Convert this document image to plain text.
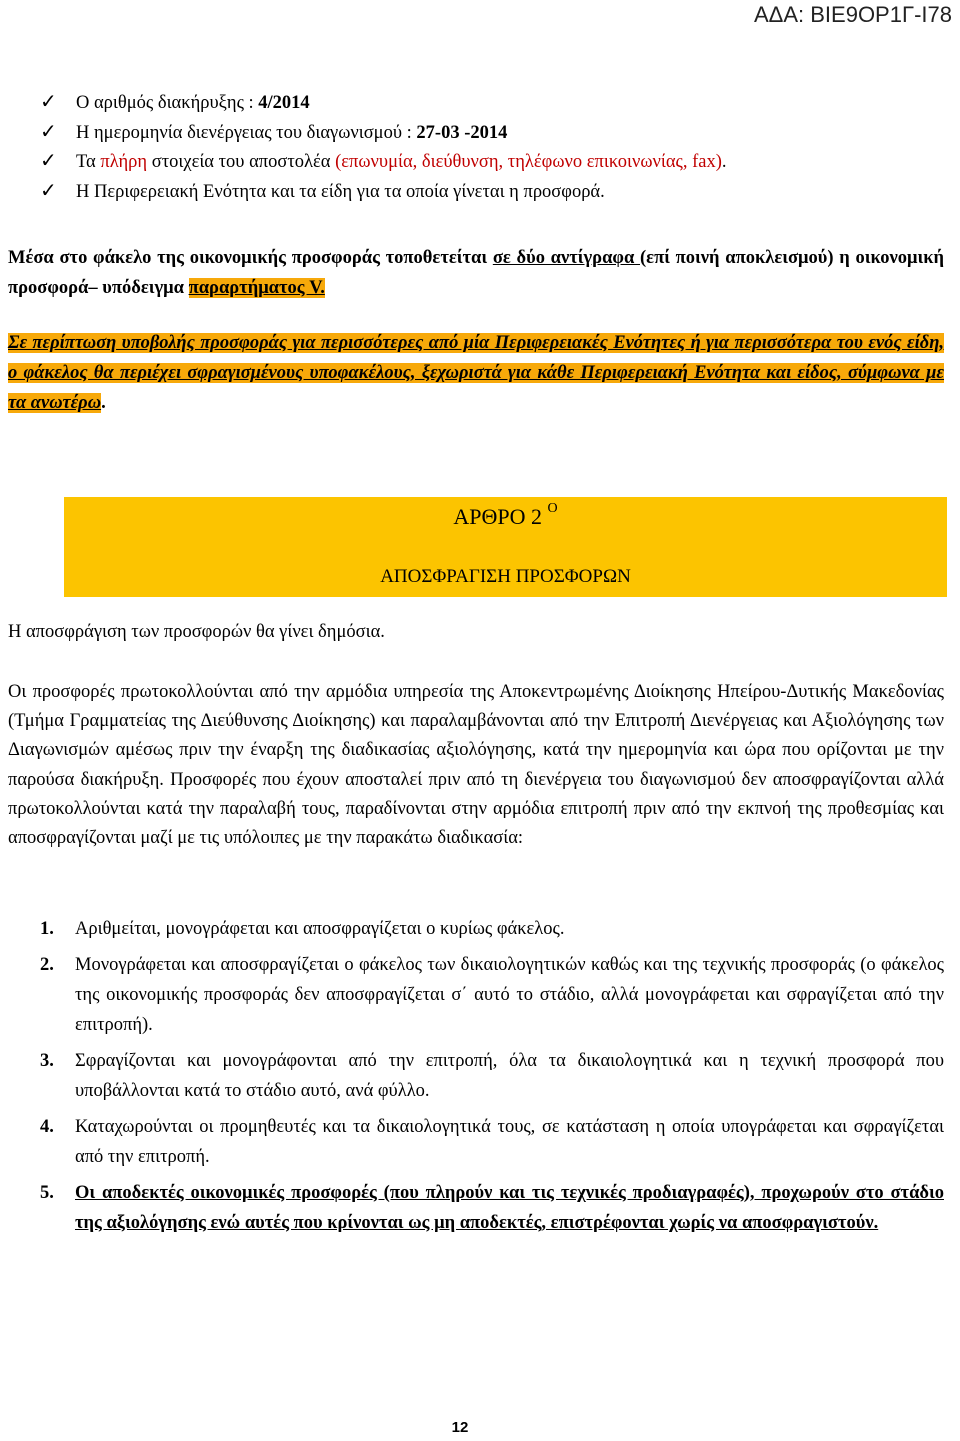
ΑΔΑ: ΒΙΕ9ΟΡ1Γ-Ι78
✓	Ο αριθμός διακήρυξης : 4/2014
✓	Η ημερομηνία διενέργειας του διαγωνισμού : 27-03 -2014
✓	Τα πλήρη στοιχεία του αποστολέα (επωνυμία, διεύθυνση, τηλέφωνο επικοινωνίας, fax).
✓	Η Περιφερειακή Ενότητα και τα είδη για τα οποία γίνεται η προσφορά.
Μέσα στο φάκελο της οικονομικής προσφοράς τοποθετείται σε δύο αντίγραφα (επί ποινή αποκλεισμού) η οικονομική προσφορά– υπόδειγμα παραρτήματος V.
Σε περίπτωση υποβολής προσφοράς για περισσότερες από μία Περιφερειακές Ενότητες ή για περισσότερα του ενός είδη, ο φάκελος θα περιέχει σφραγισμένους υποφακέλους, ξεχωριστά για κάθε Περιφερειακή Ενότητα και είδος, σύμφωνα με τα ανωτέρω.
ΑΡΘΡΟ 2 $^O$
ΑΠΟΣΦΡΑΓΙΣΗ ΠΡΟΣΦΟΡΩΝ
Η αποσφράγιση των προσφορών θα γίνει δημόσια.
Οι προσφορές πρωτοκολλούνται από την αρμόδια υπηρεσία της Αποκεντρωμένης Διοίκησης Ηπείρου-Δυτικής Μακεδονίας (Τμήμα Γραμματείας της Διεύθυνσης Διοίκησης) και παραλαμβάνονται από την Επιτροπή Διενέργειας και Αξιολόγησης των Διαγωνισμών αμέσως πριν την έναρξη της διαδικασίας αξιολόγησης, κατά την ημερομηνία και ώρα που ορίζονται με την παρούσα διακήρυξη. Προσφορές που έχουν αποσταλεί πριν από τη διενέργεια του διαγωνισμού δεν αποσφραγίζονται αλλά πρωτοκολλούνται κατά την παραλαβή τους, παραδίνονται στην αρμόδια επιτροπή πριν από την εκπνοή της προθεσμίας και αποσφραγίζονται μαζί με τις υπόλοιπες με την παρακάτω διαδικασία:
1.	Αριθμείται, μονογράφεται και αποσφραγίζεται ο κυρίως φάκελος.
2.	Μονογράφεται και αποσφραγίζεται ο φάκελος των δικαιολογητικών καθώς και της τεχνικής προσφοράς (ο φάκελος της οικονομικής προσφοράς δεν αποσφραγίζεται σ΄ αυτό το στάδιο, αλλά μονογράφεται και σφραγίζεται από την επιτροπή).
3.	Σφραγίζονται και μονογράφονται από την επιτροπή, όλα τα δικαιολογητικά και η τεχνική προσφορά που υποβάλλονται κατά το στάδιο αυτό, ανά φύλλο.
4.	Καταχωρούνται οι προμηθευτές και τα δικαιολογητικά τους, σε κατάσταση η οποία υπογράφεται και σφραγίζεται από την επιτροπή.
5.	Οι αποδεκτές οικονομικές προσφορές (που πληρούν και τις τεχνικές προδιαγραφές), προχωρούν στο στάδιο της αξιολόγησης ενώ αυτές που κρίνονται ως μη αποδεκτές, επιστρέφονται χωρίς να αποσφραγιστούν.
12
